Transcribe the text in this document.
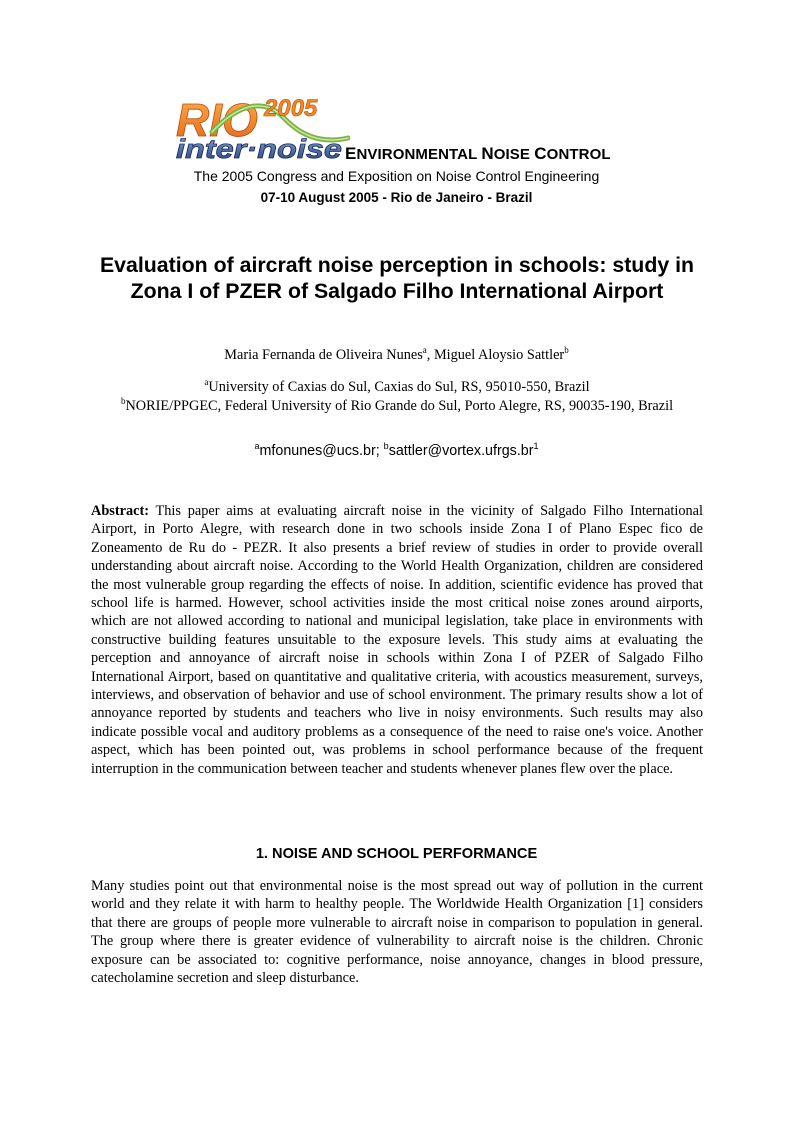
RIO 2005
inter·noise ENVIRONMENTAL NOISE CONTROL
The 2005 Congress and Exposition on Noise Control Engineering
07-10 August 2005 - Rio de Janeiro - Brazil
Evaluation of aircraft noise perception in schools: study in Zona I of PZER of Salgado Filho International Airport
Maria Fernanda de Oliveira Nunes$^a$, Miguel Aloysio Sattler$^b$
$^a$University of Caxias do Sul, Caxias do Sul, RS, 95010-550, Brazil
$^b$NORIE/PPGEC, Federal University of Rio Grande do Sul, Porto Alegre, RS, 90035-190, Brazil
$^a$mfonunes@ucs.br; $^bsattler@vortex.ufrgs.br^1$
Abstract: This paper aims at evaluating aircraft noise in the vicinity of Salgado Filho International Airport, in Porto Alegre, with research done in two schools inside Zona I of Plano Espec fico de Zoneamento de Ru do - PEZR. It also presents a brief review of studies in order to provide overall understanding about aircraft noise. According to the World Health Organization, children are considered the most vulnerable group regarding the effects of noise. In addition, scientific evidence has proved that school life is harmed. However, school activities inside the most critical noise zones around airports, which are not allowed according to national and municipal legislation, take place in environments with constructive building features unsuitable to the exposure levels. This study aims at evaluating the perception and annoyance of aircraft noise in schools within Zona I of PZER of Salgado Filho International Airport, based on quantitative and qualitative criteria, with acoustics measurement, surveys, interviews, and observation of behavior and use of school environment. The primary results show a lot of annoyance reported by students and teachers who live in noisy environments. Such results may also indicate possible vocal and auditory problems as a consequence of the need to raise one's voice. Another aspect, which has been pointed out, was problems in school performance because of the frequent interruption in the communication between teacher and students whenever planes flew over the place.
1. NOISE AND SCHOOL PERFORMANCE
Many studies point out that environmental noise is the most spread out way of pollution in the current world and they relate it with harm to healthy people. The Worldwide Health Organization [1] considers that there are groups of people more vulnerable to aircraft noise in comparison to population in general. The group where there is greater evidence of vulnerability to aircraft noise is the children. Chronic exposure can be associated to: cognitive performance, noise annoyance, changes in blood pressure, catecholamine secretion and sleep disturbance.
